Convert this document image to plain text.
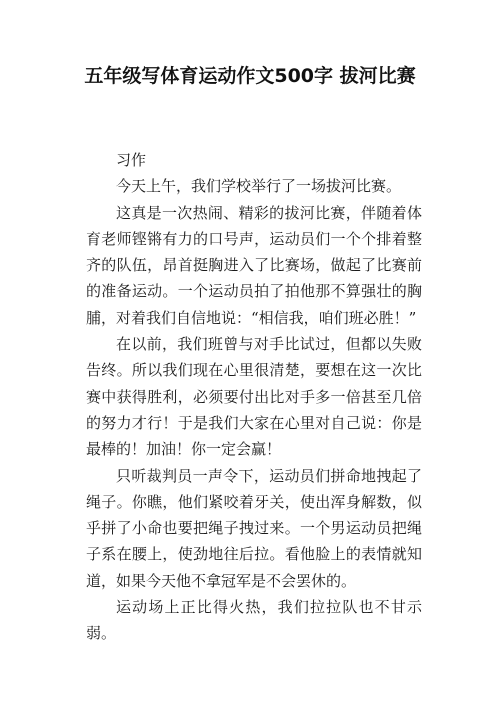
五年级写体育运动作文500字 拔河比赛

习作

今天上午，我们学校举行了一场拔河比赛。

这真是一次热闹、精彩的拔河比赛，伴随着体育老师铿锵有力的口号声，运动员们一个个排着整齐的队伍，昂首挺胸进入了比赛场，做起了比赛前的准备运动。一个运动员拍了拍他那不算强壮的胸脯，对着我们自信地说：“相信我，咱们班必胜！”

在以前，我们班曾与对手比试过，但都以失败告终。所以我们现在心里很清楚，要想在这一次比赛中获得胜利，必须要付出比对手多一倍甚至几倍的努力才行！于是我们大家在心里对自己说：你是最棒的！加油！你一定会赢！

只听裁判员一声令下，运动员们拼命地拽起了绳子。你瞧，他们紧咬着牙关，使出浑身解数，似乎拼了小命也要把绳子拽过来。一个男运动员把绳子系在腰上，使劲地往后拉。看他脸上的表情就知道，如果今天他不拿冠军是不会罢休的。

运动场上正比得火热，我们拉拉队也不甘示弱。
